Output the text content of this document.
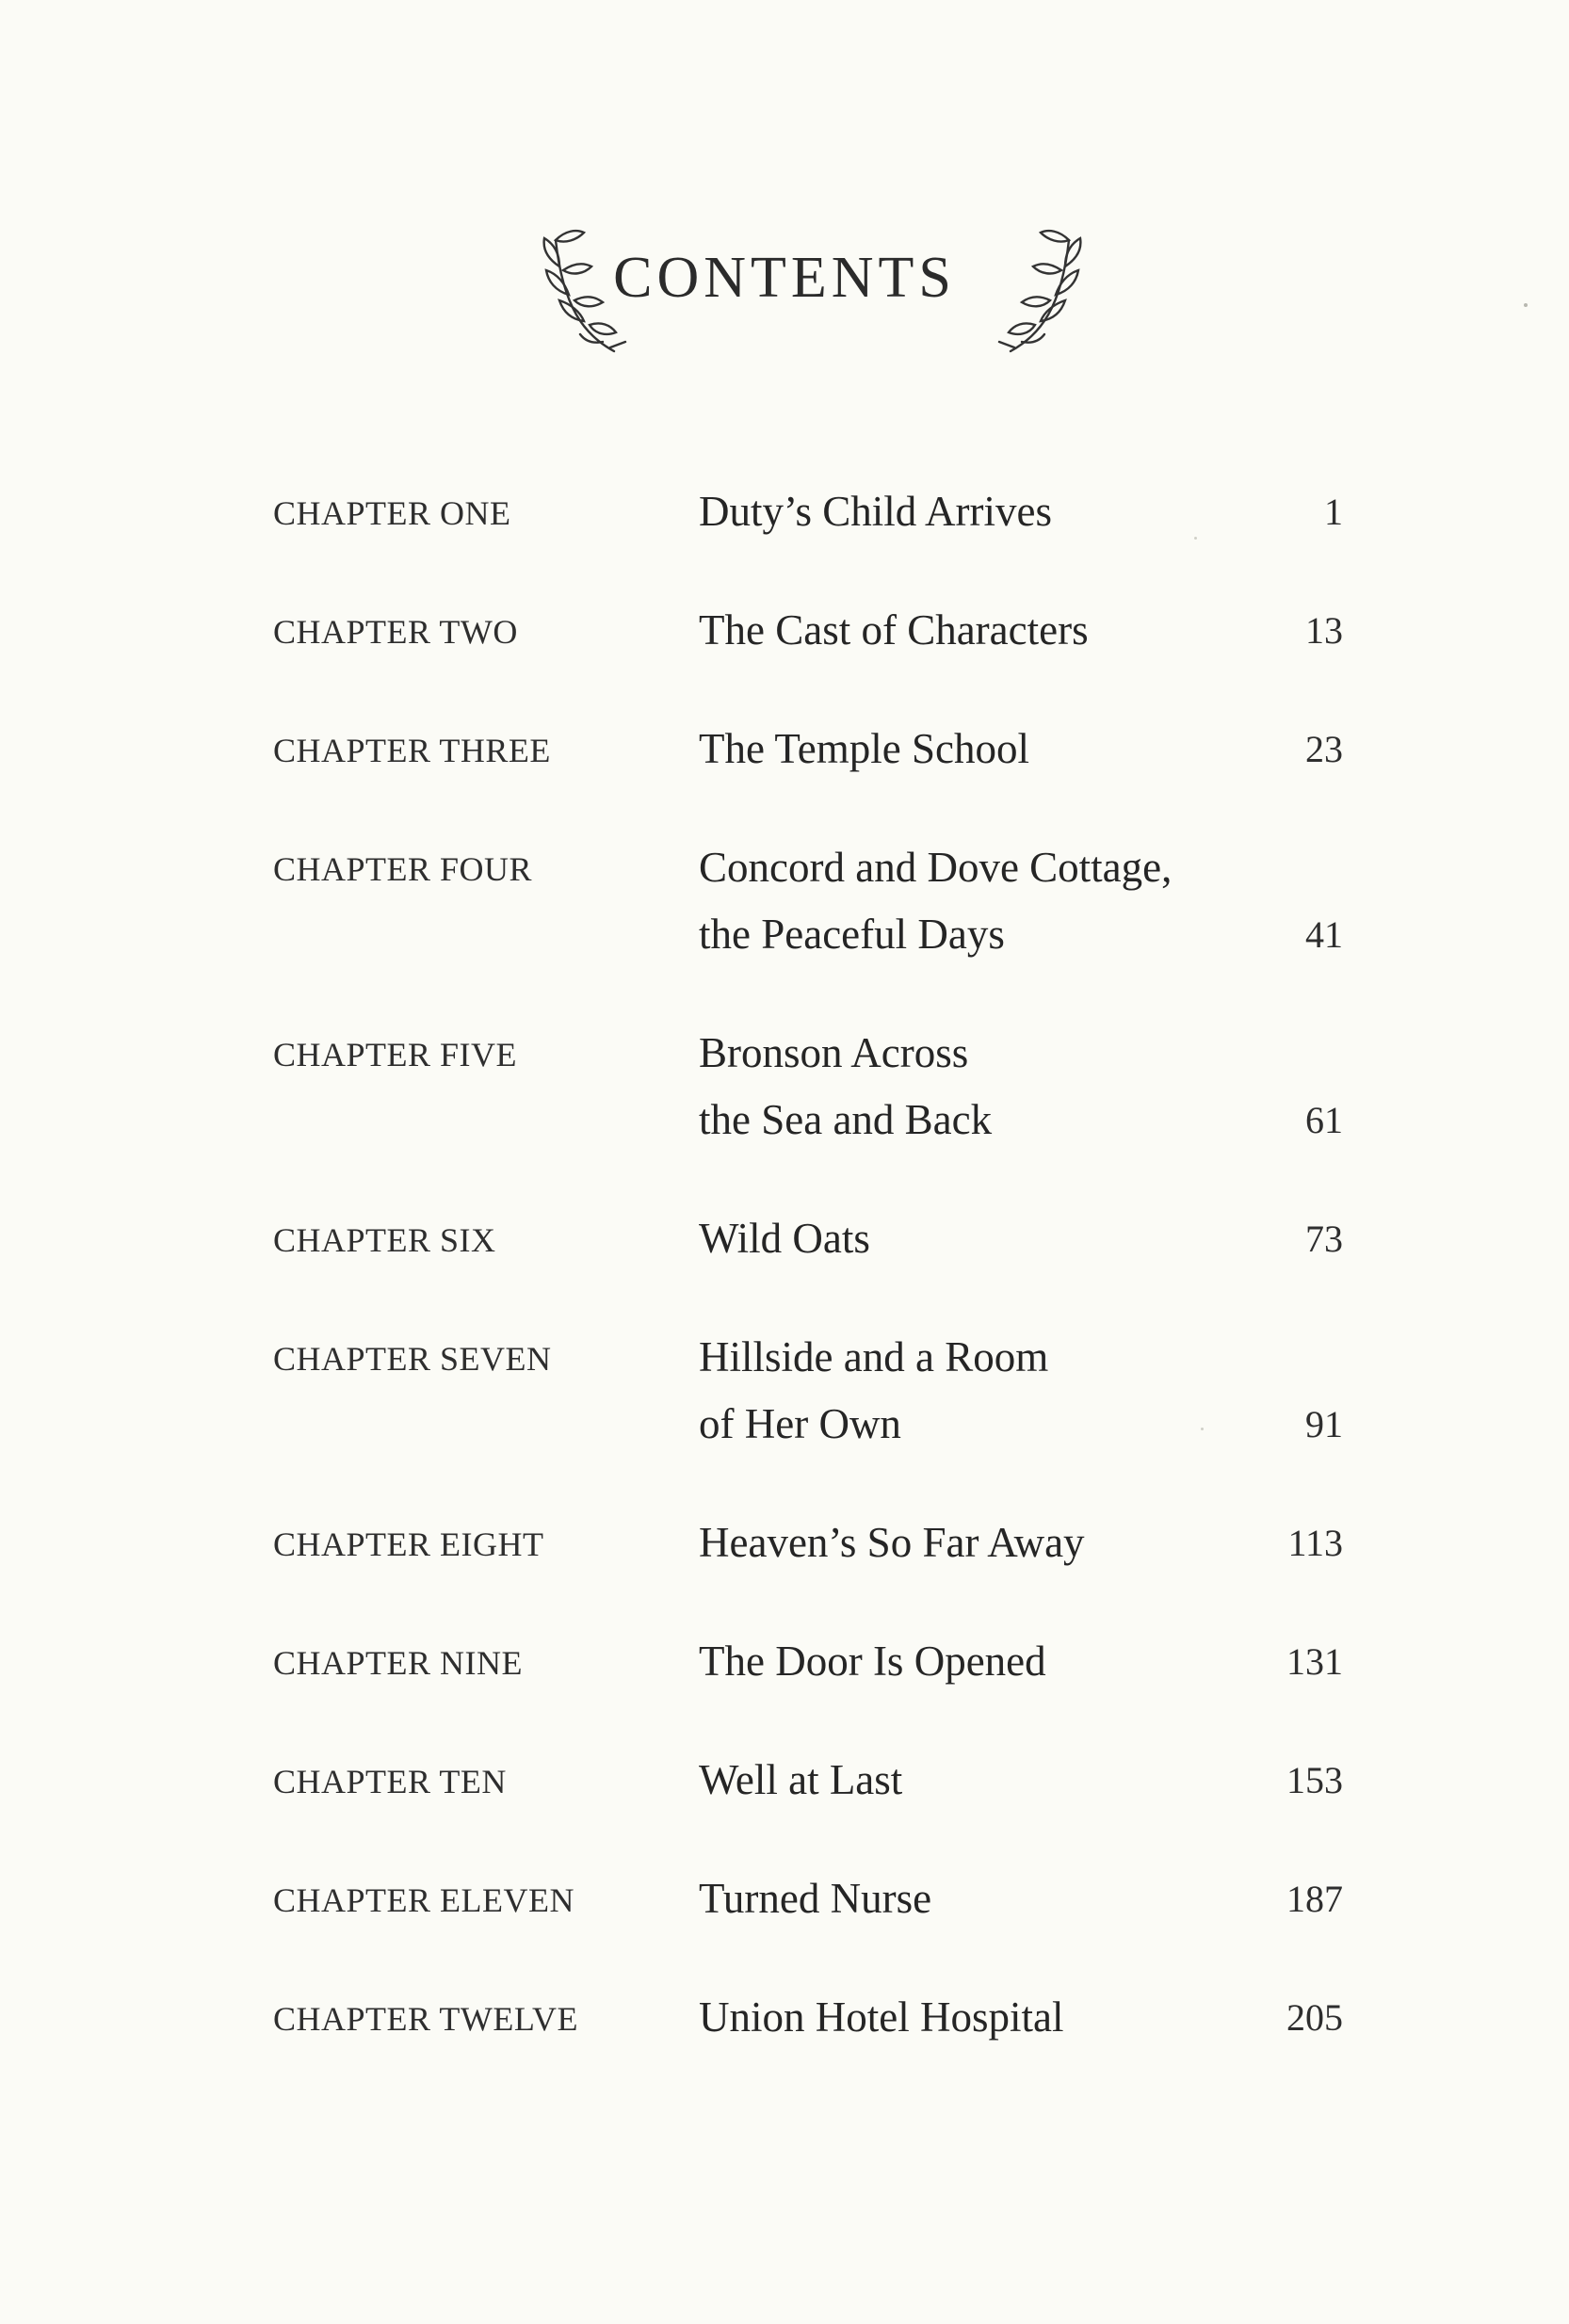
CONTENTS
CHAPTER ONE	Duty’s Child Arrives	1
CHAPTER TWO	The Cast of Characters	13
CHAPTER THREE	The Temple School	23
CHAPTER FOUR	Concord and Dove Cottage,
the Peaceful Days	41
CHAPTER FIVE	Bronson Across
the Sea and Back	61
CHAPTER SIX	Wild Oats	73
CHAPTER SEVEN	Hillside and a Room
of Her Own	91
CHAPTER EIGHT	Heaven’s So Far Away	113
CHAPTER NINE	The Door Is Opened	131
CHAPTER TEN	Well at Last	153
CHAPTER ELEVEN	Turned Nurse	187
CHAPTER TWELVE	Union Hotel Hospital	205
